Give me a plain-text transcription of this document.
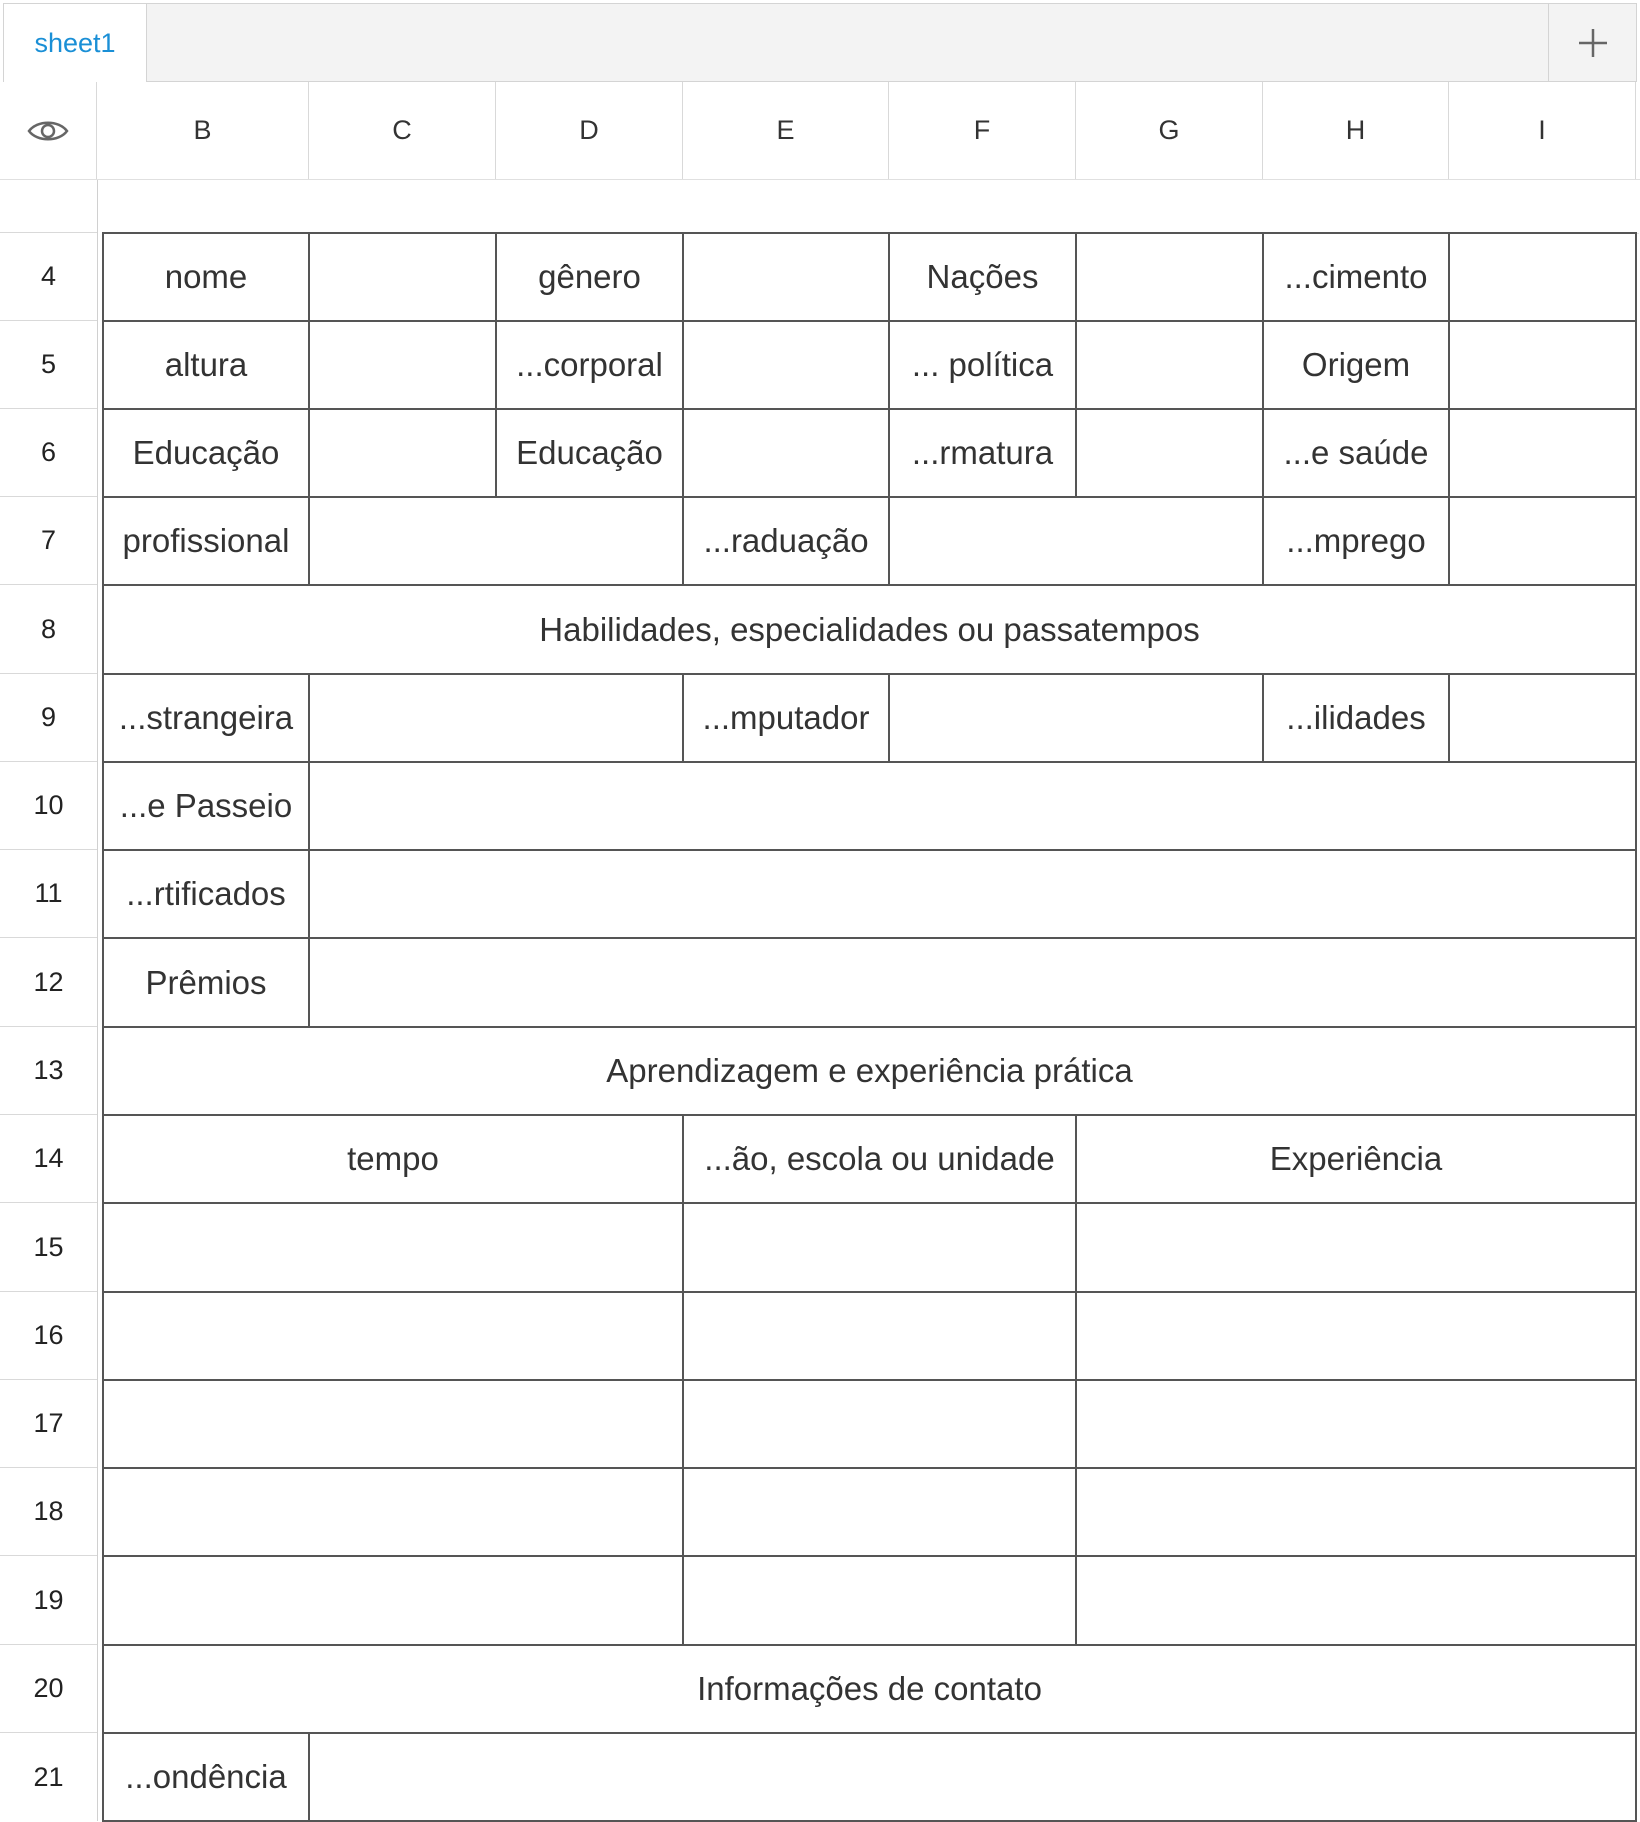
sheet1
B	C	D	E	F	G	H	I
4
5
6
7
8
9
10
11
12
13
14
15
16
17
18
19
20
21
nome	gênero	Nações	...cimento
altura	...corporal	... política	Origem
Educação	Educação	...rmatura	...e saúde
profissional	...raduação	...mprego
Habilidades, especialidades ou passatempos
...strangeira	...mputador	...ilidades
...e Passeio
...rtificados
Prêmios
Aprendizagem e experiência prática
tempo	...ão, escola ou unidade	Experiência
Informações de contato
...ondência
